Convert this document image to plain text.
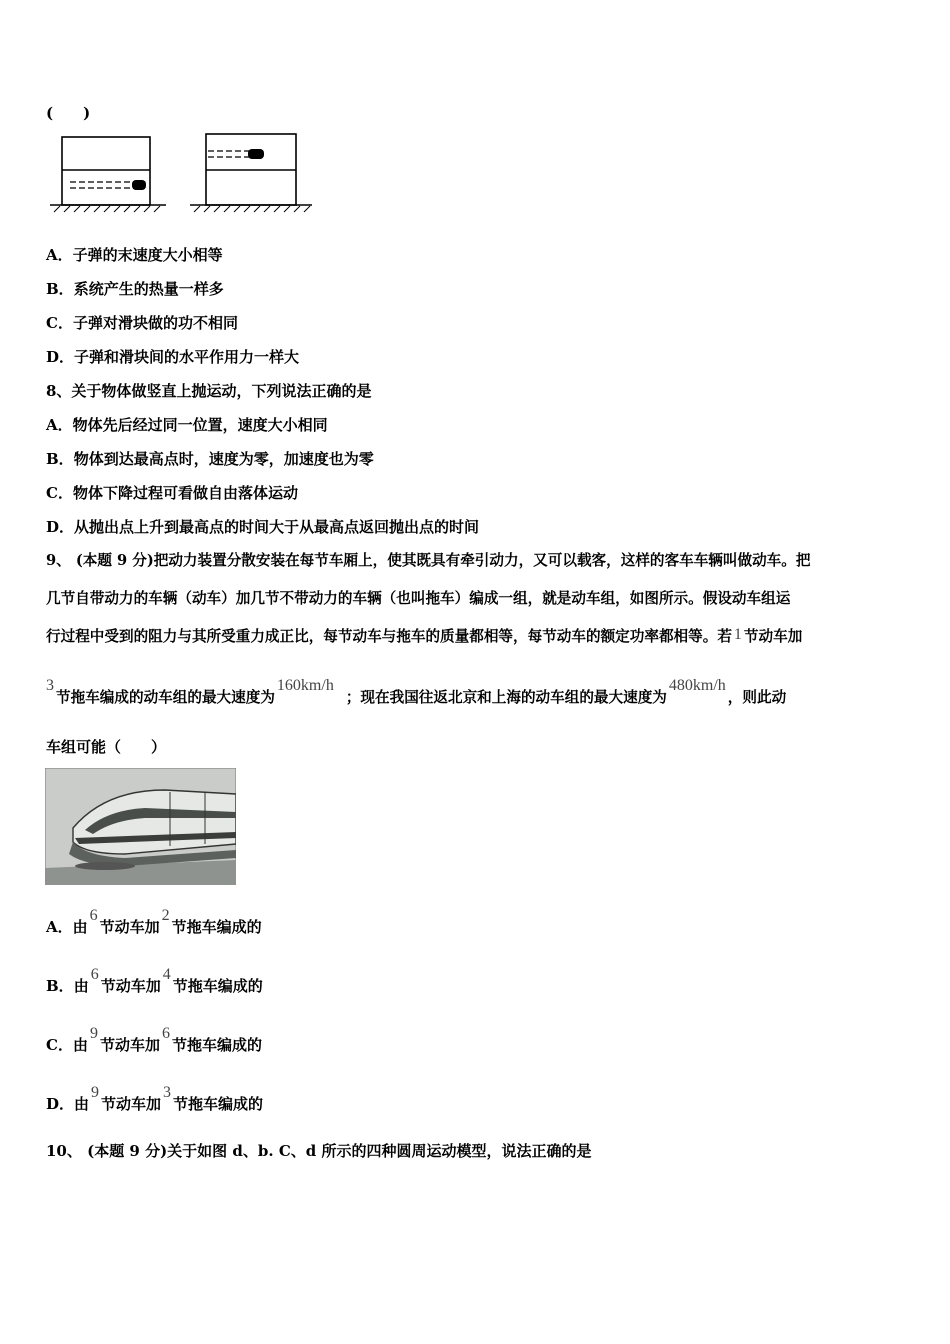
(　　)
A．子弹的末速度大小相等
B．系统产生的热量一样多
C．子弹对滑块做的功不相同
D．子弹和滑块间的水平作用力一样大
8、关于物体做竖直上抛运动，下列说法正确的是
A．物体先后经过同一位置，速度大小相同
B．物体到达最高点时，速度为零，加速度也为零
C．物体下降过程可看做自由落体运动
D．从抛出点上升到最高点的时间大于从最高点返回抛出点的时间
9、 (本题 9 分)把动力装置分散安装在每节车厢上，使其既具有牵引动力，又可以载客，这样的客车车辆叫做动车。把
几节自带动力的车辆（动车）加几节不带动力的车辆（也叫拖车）编成一组，就是动车组，如图所示。假设动车组运
行过程中受到的阻力与其所受重力成正比，每节动车与拖车的质量都相等，每节动车的额定功率都相等。若 1 节动车加
3节拖车编成的动车组的最大速度为160km/h；现在我国往返北京和上海的动车组的最大速度为480km/h，则此动
车组可能（　　）
A．由6节动车加2节拖车编成的
B．由6节动车加4节拖车编成的
C．由9节动车加6节拖车编成的
D．由9节动车加3节拖车编成的
10、 (本题 9 分)关于如图 d、b. C、d 所示的四种圆周运动模型，说法正确的是
